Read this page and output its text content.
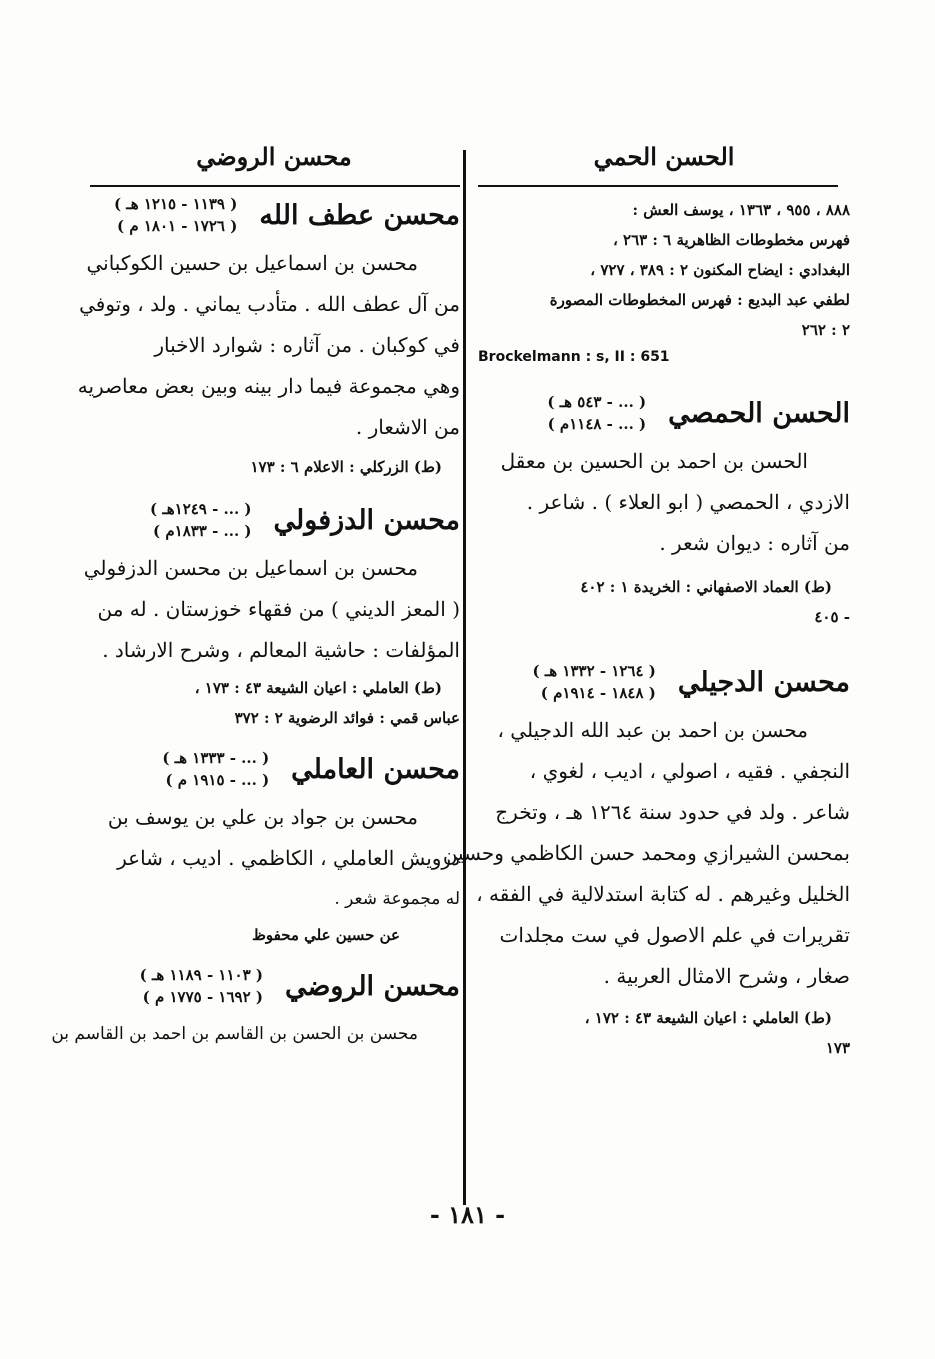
الحسن الحمي
٨٨٨ ، ٩٥٥ ، ١٣٦٣ ، يوسف العش :
فهرس مخطوطات الظاهرية ٦ : ٢٦٣ ،
البغدادي : ايضاح المكنون ٢ : ٣٨٩ ، ٧٢٧ ،
لطفي عبد البديع : فهرس المخطوطات المصورة
٢ : ٢٦٢
Brockelmann : s, II : 651
الحسن الحمصي
( ... - ٥٤٣ هـ )
( ... - ١١٤٨م )
الحسن بن احمد بن الحسين بن معقل
الازدي ، الحمصي ( ابو العلاء ) . شاعر .
من آثاره : ديوان شعر .
(ط) العماد الاصفهاني : الخريدة ١ : ٤٠٢
- ٤٠٥
محسن الدجيلي
( ١٢٦٤ - ١٣٣٢ هـ )
( ١٨٤٨ - ١٩١٤م )
محسن بن احمد بن عبد الله الدجيلي ،
النجفي . فقيه ، اصولي ، اديب ، لغوي ،
شاعر . ولد في حدود سنة ١٢٦٤ هـ ، وتخرج
بمحسن الشيرازي ومحمد حسن الكاظمي وحسين
الخليل وغيرهم . له كتابة استدلالية في الفقه ،
تقريرات في علم الاصول في ست مجلدات
صغار ، وشرح الامثال العربية .
(ط) العاملي : اعيان الشيعة ٤٣ : ١٧٢ ،
١٧٣
محسن الروضي
محسن عطف الله
( ١١٣٩ - ١٢١٥ هـ )
( ١٧٢٦ - ١٨٠١ م )
محسن بن اسماعيل بن حسين الكوكباني
من آل عطف الله . متأدب يماني . ولد ، وتوفي
في كوكبان . من آثاره : شوارد الاخبار
وهي مجموعة فيما دار بينه وبين بعض معاصريه
من الاشعار .
(ط) الزركلي : الاعلام ٦ : ١٧٣
محسن الدزفولي
( ... - ١٢٤٩هـ )
( ... - ١٨٣٣م )
محسن بن اسماعيل بن محسن الدزفولي
( المعز الديني ) من فقهاء خوزستان . له من
المؤلفات : حاشية المعالم ، وشرح الارشاد .
(ط) العاملي : اعيان الشيعة ٤٣ : ١٧٣ ،
عباس قمي : فوائد الرضوية ٢ : ٣٧٢
محسن العاملي
( ... - ١٣٣٣ هـ )
( ... - ١٩١٥ م )
محسن بن جواد بن علي بن يوسف بن
درويش العاملي ، الكاظمي . اديب ، شاعر
له مجموعة شعر .
عن حسين علي محفوظ
محسن الروضي
( ١١٠٣ - ١١٨٩ هـ )
( ١٦٩٢ - ١٧٧٥ م )
محسن بن الحسن بن القاسم بن احمد بن القاسم بن
- ١٨١ -
